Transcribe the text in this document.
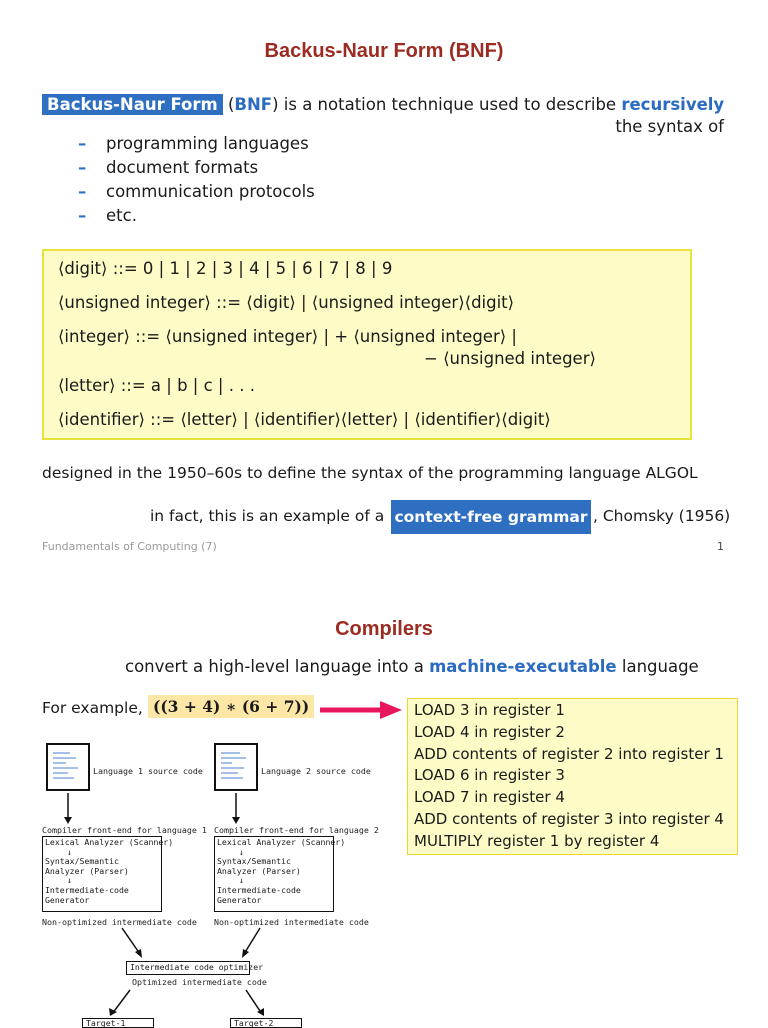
Backus-Naur Form (BNF)
Backus-Naur Form (BNF) is a notation technique used to describe recursively
the syntax of
– programming languages
– document formats
– communication protocols
– etc.
⟨digit⟩ ::= 0 | 1 | 2 | 3 | 4 | 5 | 6 | 7 | 8 | 9
⟨unsigned integer⟩ ::= ⟨digit⟩ | ⟨unsigned integer⟩⟨digit⟩
⟨integer⟩ ::= ⟨unsigned integer⟩ | + ⟨unsigned integer⟩ |
− ⟨unsigned integer⟩
⟨letter⟩ ::= a | b | c | . . .
⟨identifier⟩ ::= ⟨letter⟩ | ⟨identifier⟩⟨letter⟩ | ⟨identifier⟩⟨digit⟩
designed in the 1950–60s to define the syntax of the programming language ALGOL
in fact, this is an example of a context-free grammar , Chomsky (1956)
Fundamentals of Computing (7)	1
Compilers
convert a high-level language into a machine-executable language
For example, ((3 + 4) ∗ (6 + 7))	LOAD 3 in register 1
LOAD 4 in register 2
ADD contents of register 2 into register 1
LOAD 6 in register 3
LOAD 7 in register 4
ADD contents of register 3 into register 4
MULTIPLY register 1 by register 4
Language 1 source code	Language 2 source code
Compiler front-end for language 1 Compiler front-end for language 2
Lexical Analyzer (Scanner)
↓
Syntax/Semantic
Analyzer (Parser)
↓
Intermediate-code
Generator
Lexical Analyzer (Scanner)
↓
Syntax/Semantic
Analyzer (Parser)
↓
Intermediate-code
Generator
Non-optimized intermediate code Non-optimized intermediate code
Intermediate code optimizer
Optimized intermediate code
Target-1	Target-2
